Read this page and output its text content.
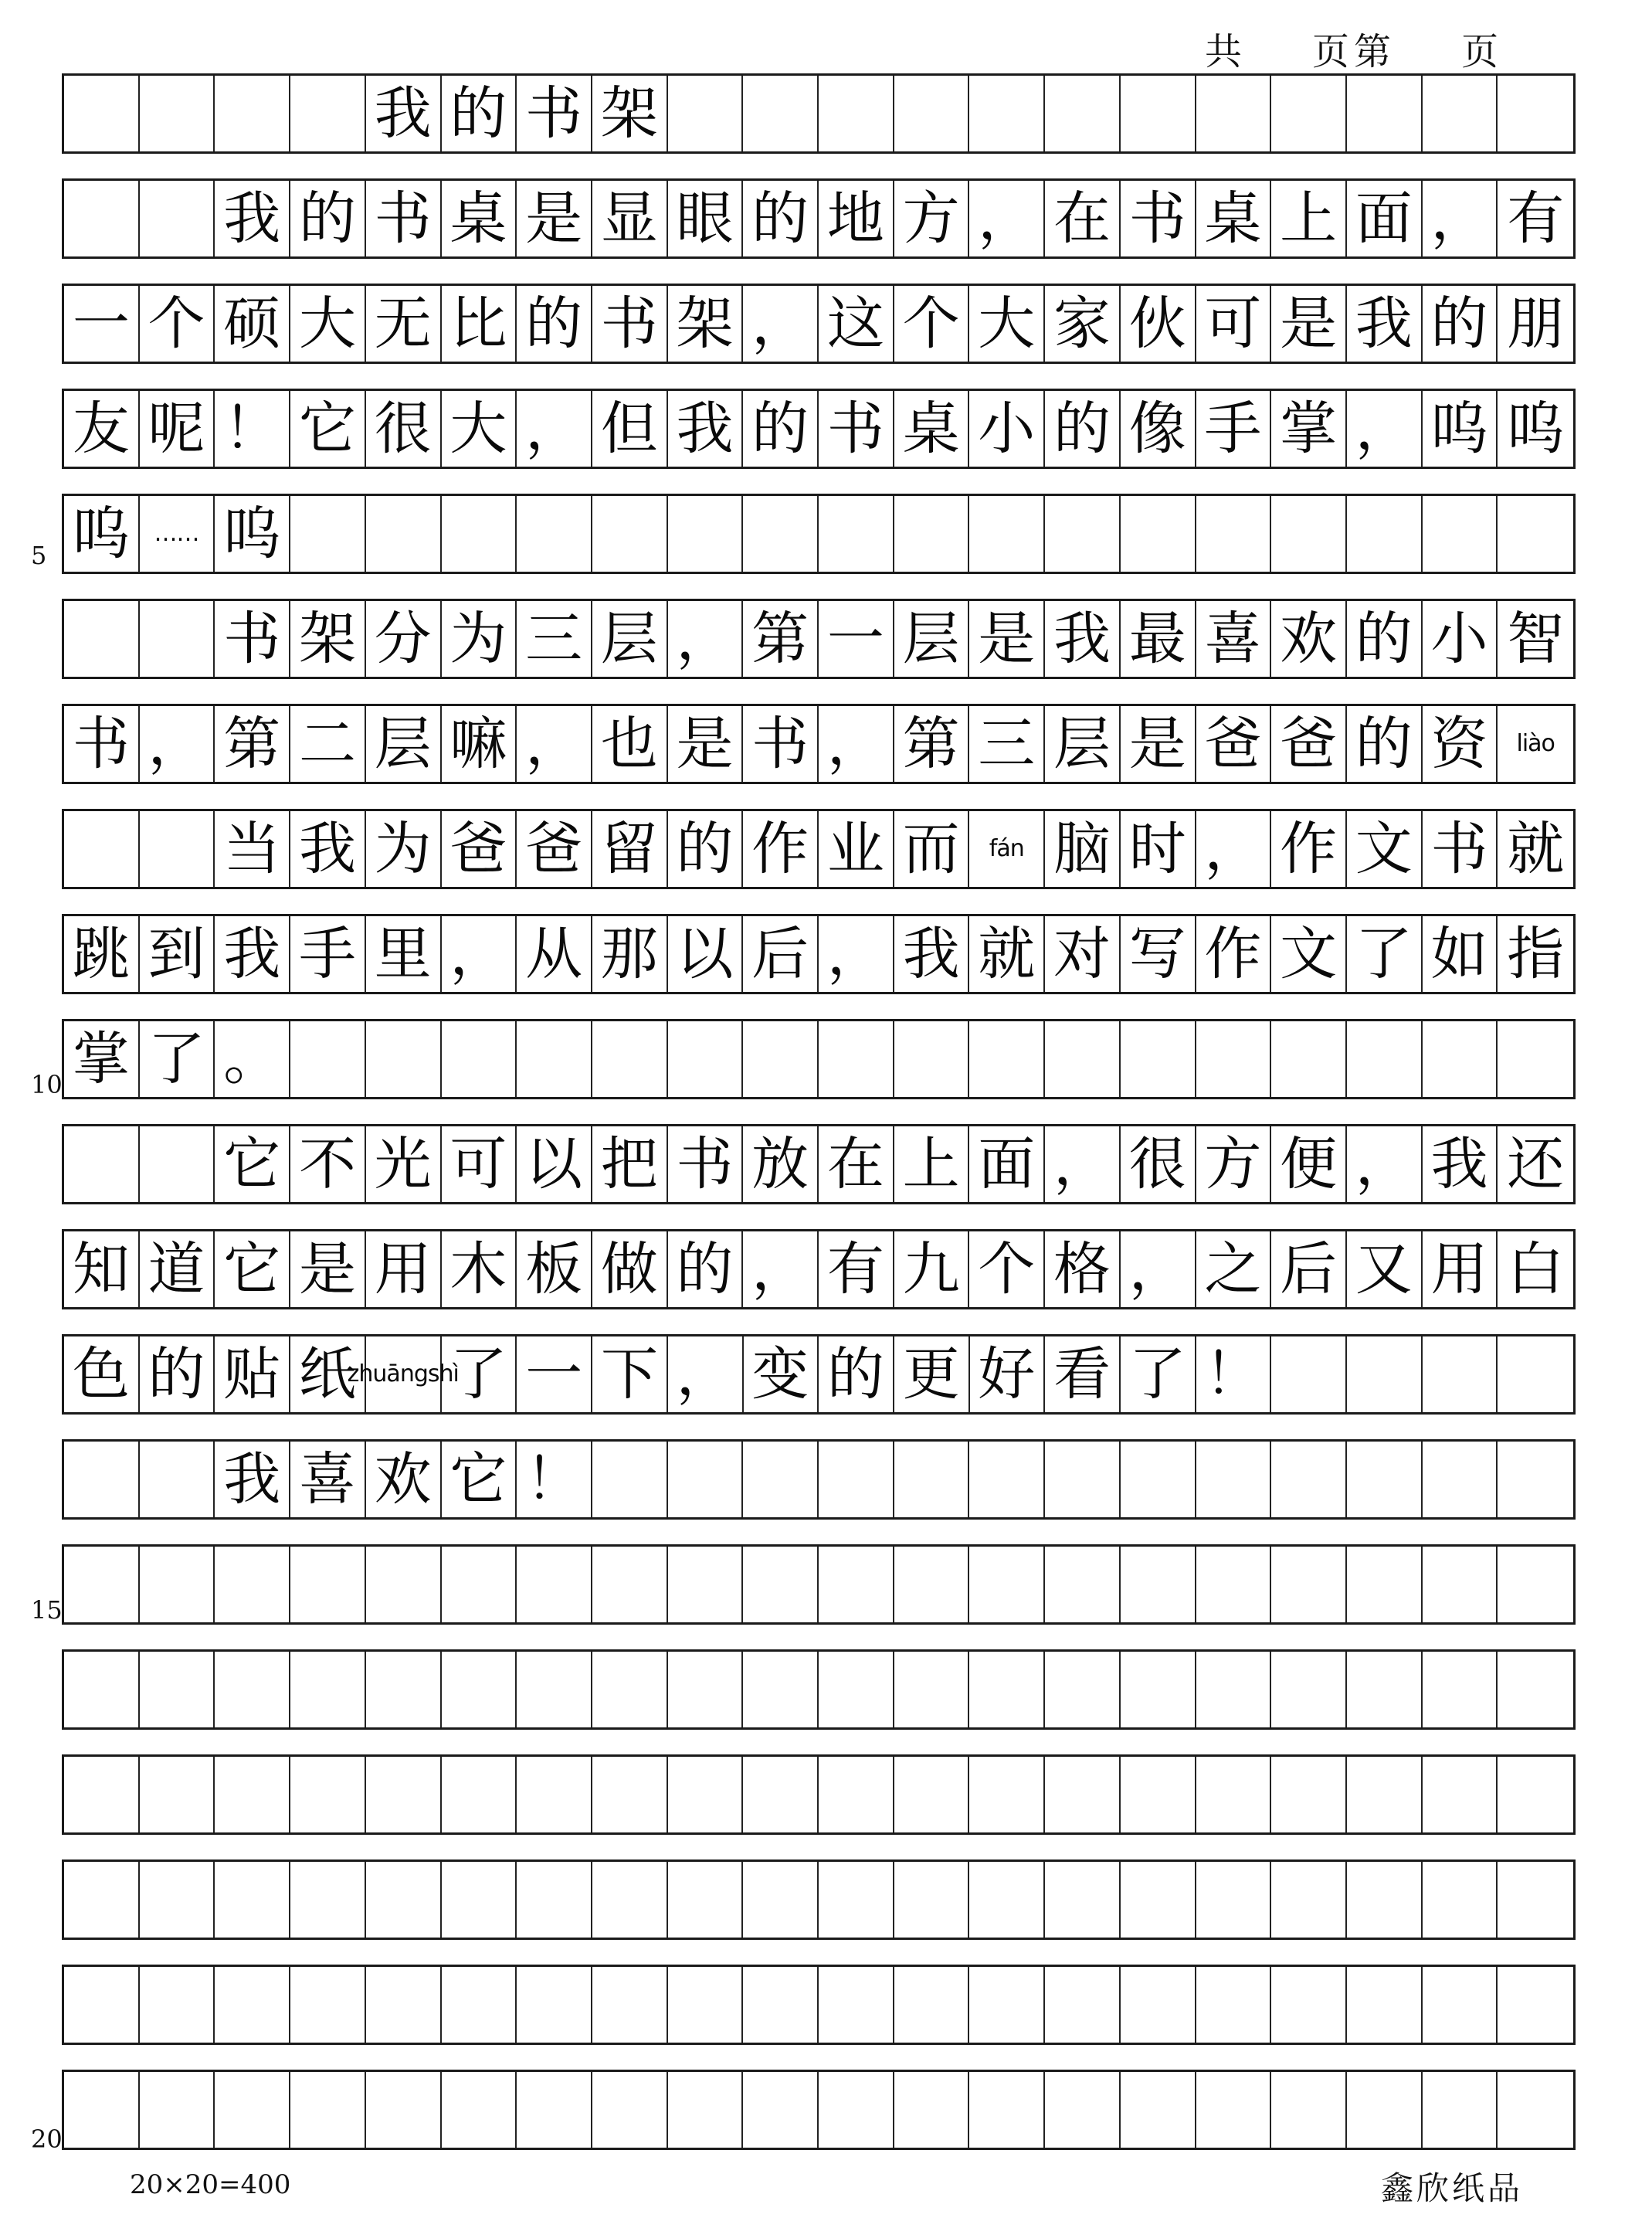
共    页第    页
我 的 书 架
我 的 书 桌 是 显 眼 的 地 方 ， 在 书 桌 上 面 ， 有
一 个 硕 大 无 比 的 书 架 ， 这 个 大 家 伙 可 是 我 的 朋
友 呢 ！ 它 很 大 ， 但 我 的 书 桌 小 的 像 手 掌 ， 呜 呜
呜	…… 呜
书 架 分 为 三 层 ， 第 一 层 是 我 最 喜 欢 的 小 智
书 ， 第 二 层 嘛 ， 也 是 书 ， 第 三 层 是 爸 爸 的 资	liào
当 我 为 爸 爸 留 的 作 业 而	fán 脑 时 ， 作 文 书 就
跳 到 我 手 里 ， 从 那 以 后 ， 我 就 对 写 作 文 了 如 指
掌 了 。
它 不 光 可 以 把 书 放 在 上 面 ， 很 方 便 ， 我 还
知 道 它 是 用 木 板 做 的 ， 有 九 个 格 ， 之 后 又 用 白
色 的 贴 纸
zhuāngshì
了 一 下 ， 变 的 更 好 看 了 ！
我 喜 欢 它 ！
5
10
15
20
20×20=400	鑫欣纸品
